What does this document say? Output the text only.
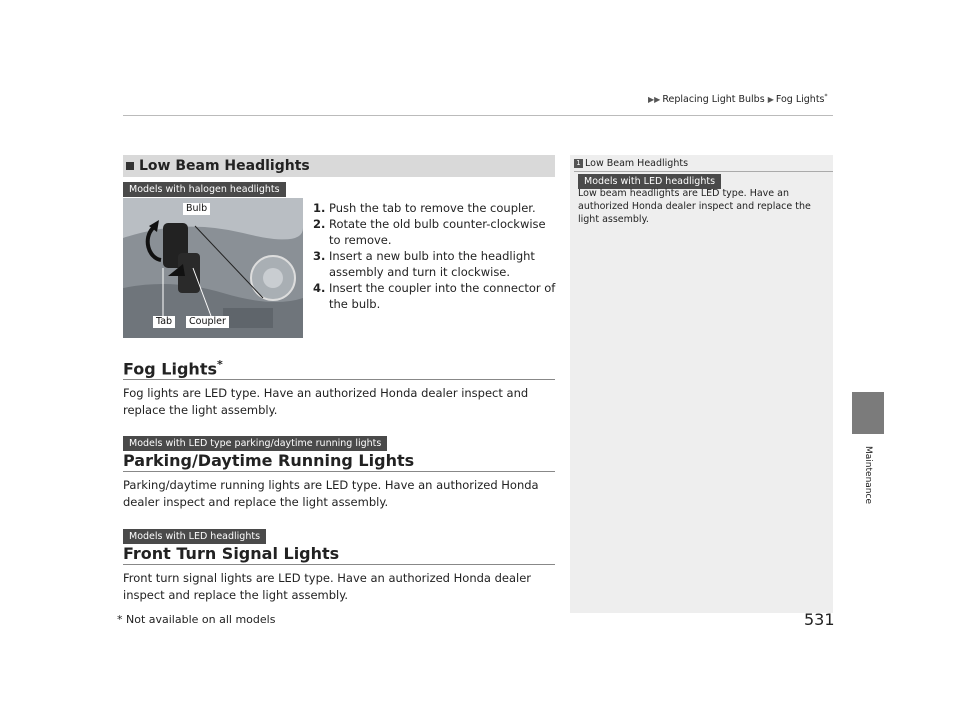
▶▶ Replacing Light Bulbs ▶ Fog Lights*
Maintenance
Low Beam Headlights
Models with halogen headlights
Bulb
Tab	Coupler
1. Push the tab to remove the coupler.
2. Rotate the old bulb counter-clockwise to remove.
3. Insert a new bulb into the headlight assembly and turn it clockwise.
4. Insert the coupler into the connector of the bulb.
Fog Lights*
Fog lights are LED type. Have an authorized Honda dealer inspect and replace the light assembly.
Models with LED type parking/daytime running lights
Parking/Daytime Running Lights
Parking/daytime running lights are LED type. Have an authorized Honda dealer inspect and replace the light assembly.
Models with LED headlights
Front Turn Signal Lights
Front turn signal lights are LED type. Have an authorized Honda dealer inspect and replace the light assembly.
1 Low Beam Headlights
Models with LED headlights
Low beam headlights are LED type. Have an authorized Honda dealer inspect and replace the light assembly.
* Not available on all models	531
